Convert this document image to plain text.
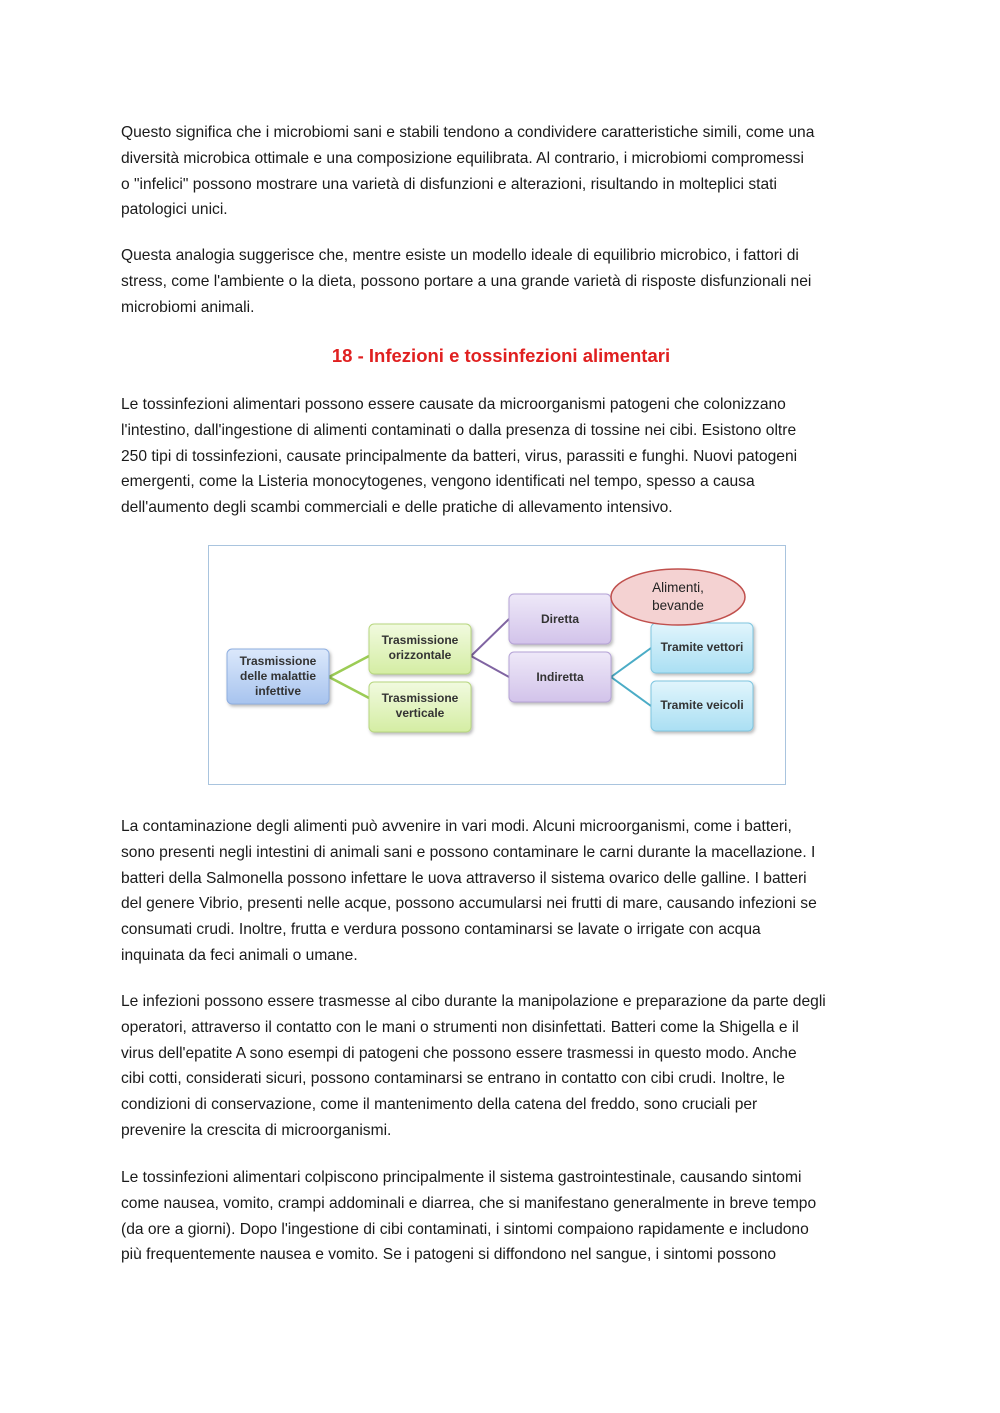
Questo significa che i microbiomi sani e stabili tendono a condividere caratteristiche simili, come una
diversità microbica ottimale e una composizione equilibrata. Al contrario, i microbiomi compromessi
o "infelici" possono mostrare una varietà di disfunzioni e alterazioni, risultando in molteplici stati
patologici unici.

Questa analogia suggerisce che, mentre esiste un modello ideale di equilibrio microbico, i fattori di
stress, come l'ambiente o la dieta, possono portare a una grande varietà di risposte disfunzionali nei
microbiomi animali.

18 - Infezioni e tossinfezioni alimentari

Le tossinfezioni alimentari possono essere causate da microorganismi patogeni che colonizzano
l'intestino, dall'ingestione di alimenti contaminati o dalla presenza di tossine nei cibi. Esistono oltre
250 tipi di tossinfezioni, causate principalmente da batteri, virus, parassiti e funghi. Nuovi patogeni
emergenti, come la Listeria monocytogenes, vengono identificati nel tempo, spesso a causa
dell'aumento degli scambi commerciali e delle pratiche di allevamento intensivo.

La contaminazione degli alimenti può avvenire in vari modi. Alcuni microorganismi, come i batteri,
sono presenti negli intestini di animali sani e possono contaminare le carni durante la macellazione. I
batteri della Salmonella possono infettare le uova attraverso il sistema ovarico delle galline. I batteri
del genere Vibrio, presenti nelle acque, possono accumularsi nei frutti di mare, causando infezioni se
consumati crudi. Inoltre, frutta e verdura possono contaminarsi se lavate o irrigate con acqua
inquinata da feci animali o umane.

Le infezioni possono essere trasmesse al cibo durante la manipolazione e preparazione da parte degli
operatori, attraverso il contatto con le mani o strumenti non disinfettati. Batteri come la Shigella e il
virus dell'epatite A sono esempi di patogeni che possono essere trasmessi in questo modo. Anche
cibi cotti, considerati sicuri, possono contaminarsi se entrano in contatto con cibi crudi. Inoltre, le
condizioni di conservazione, come il mantenimento della catena del freddo, sono cruciali per
prevenire la crescita di microorganismi.

Le tossinfezioni alimentari colpiscono principalmente il sistema gastrointestinale, causando sintomi
come nausea, vomito, crampi addominali e diarrea, che si manifestano generalmente in breve tempo
(da ore a giorni). Dopo l'ingestione di cibi contaminati, i sintomi compaiono rapidamente e includono
più frequentemente nausea e vomito. Se i patogeni si diffondono nel sangue, i sintomi possono

Trasmissione
delle malattie
infettive
Trasmissione
orizzontale
Trasmissione
verticale
Diretta
Indiretta
Tramite vettori
Tramite veicoli
Alimenti,
bevande
